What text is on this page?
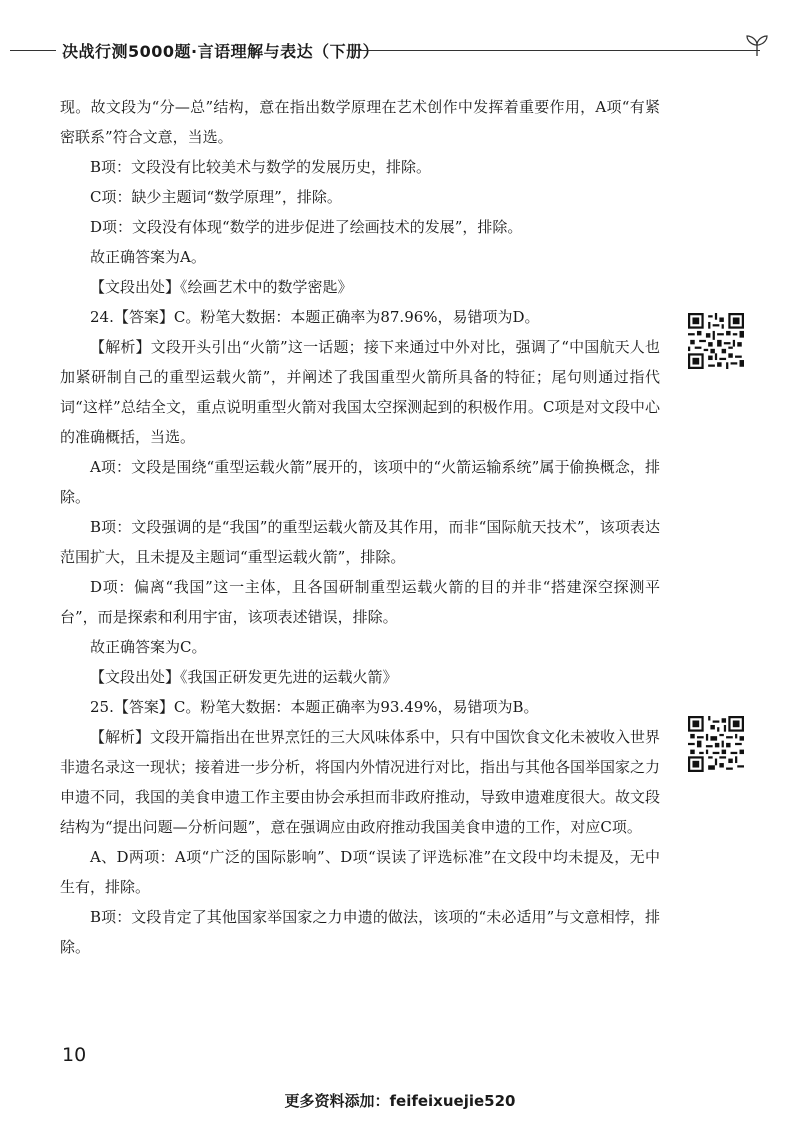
决战行测5000题·言语理解与表达（下册）

现。故文段为“分—总”结构，意在指出数学原理在艺术创作中发挥着重要作用，A项“有紧密联系”符合文意，当选。

B项：文段没有比较美术与数学的发展历史，排除。

C项：缺少主题词“数学原理”，排除。

D项：文段没有体现“数学的进步促进了绘画技术的发展”，排除。

故正确答案为A。

【文段出处】《绘画艺术中的数学密匙》

24.【答案】C。粉笔大数据：本题正确率为87.96%，易错项为D。

【解析】文段开头引出“火箭”这一话题；接下来通过中外对比，强调了“中国航天人也加紧研制自己的重型运载火箭”，并阐述了我国重型火箭所具备的特征；尾句则通过指代词“这样”总结全文，重点说明重型火箭对我国太空探测起到的积极作用。C项是对文段中心的准确概括，当选。

A项：文段是围绕“重型运载火箭”展开的，该项中的“火箭运输系统”属于偷换概念，排除。

B项：文段强调的是“我国”的重型运载火箭及其作用，而非“国际航天技术”，该项表达范围扩大，且未提及主题词“重型运载火箭”，排除。

D项：偏离“我国”这一主体，且各国研制重型运载火箭的目的并非“搭建深空探测平台”，而是探索和利用宇宙，该项表述错误，排除。

故正确答案为C。

【文段出处】《我国正研发更先进的运载火箭》

25.【答案】C。粉笔大数据：本题正确率为93.49%，易错项为B。

【解析】文段开篇指出在世界烹饪的三大风味体系中，只有中国饮食文化未被收入世界非遗名录这一现状；接着进一步分析，将国内外情况进行对比，指出与其他各国举国家之力申遗不同，我国的美食申遗工作主要由协会承担而非政府推动，导致申遗难度很大。故文段结构为“提出问题—分析问题”，意在强调应由政府推动我国美食申遗的工作，对应C项。

A、D两项：A项“广泛的国际影响”、D项“误读了评选标准”在文段中均未提及，无中生有，排除。

B项：文段肯定了其他国家举国家之力申遗的做法，该项的“未必适用”与文意相悖，排除。

10
更多资料添加：feifeixuejie520
